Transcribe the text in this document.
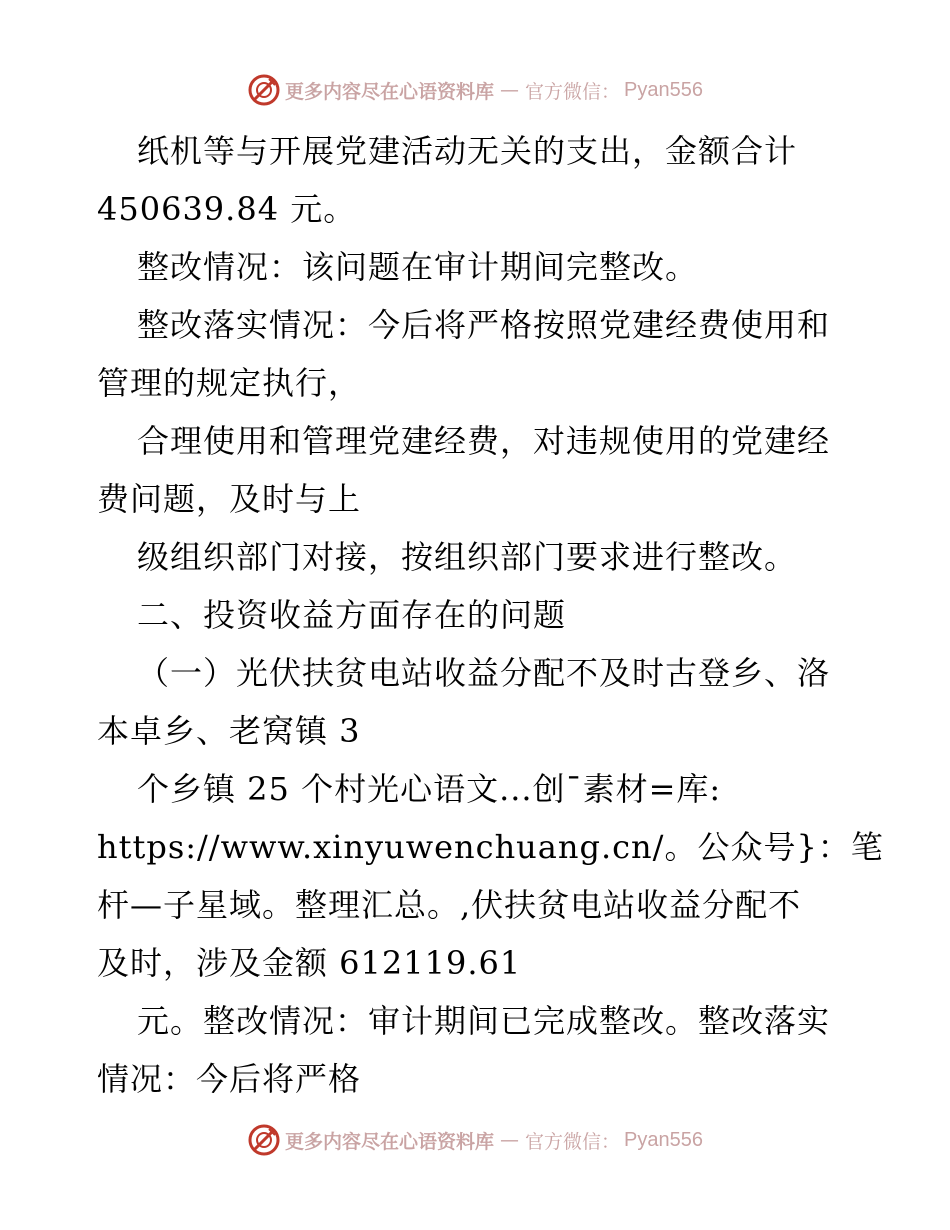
更多内容尽在心语资料库 — 官方微信： Pyan556
纸机等与开展党建活动无关的支出，金额合计
450639.84 元。
整改情况：该问题在审计期间完整改。
整改落实情况：今后将严格按照党建经费使用和
管理的规定执行，
合理使用和管理党建经费，对违规使用的党建经
费问题，及时与上
级组织部门对接，按组织部门要求进行整改。
二、投资收益方面存在的问题
（一）光伏扶贫电站收益分配不及时古登乡、洛
本卓乡、老窝镇 3
个乡镇 25 个村光心语文...创¯素材=库:
https://www.xinyuwenchuang.cn/。公众号}：笔
杆—子星域。整理汇总。,伏扶贫电站收益分配不
及时，涉及金额 612119.61
元。整改情况：审计期间已完成整改。整改落实
情况：今后将严格
更多内容尽在心语资料库 — 官方微信： Pyan556
